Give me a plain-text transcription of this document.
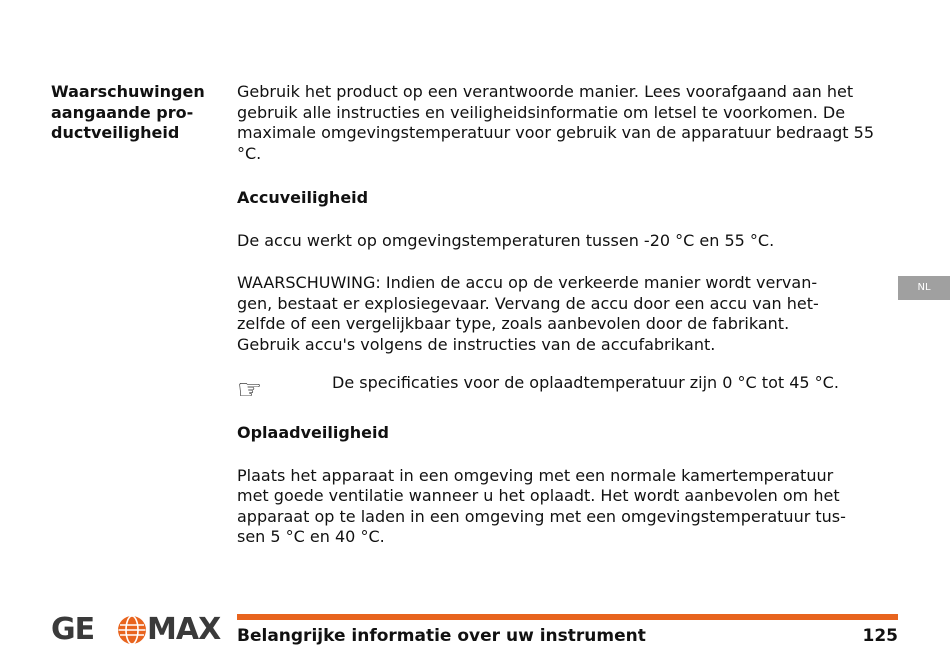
Waarschuwingen
aangaande pro-
ductveiligheid

Gebruik het product op een verantwoorde manier. Lees voorafgaand aan het gebruik alle instructies en veiligheidsinformatie om letsel te voorkomen. De maximale omgevingstemperatuur voor gebruik van de apparatuur bedraagt 55 °C.

Accuveiligheid

De accu werkt op omgevingstemperaturen tussen -20 °C en 55 °C.

WAARSCHUWING: Indien de accu op de verkeerde manier wordt vervan-
gen, bestaat er explosiegevaar. Vervang de accu door een accu van het-
zelfde of een vergelijkbaar type, zoals aanbevolen door de fabrikant.
Gebruik accu's volgens de instructies van de accufabrikant.

☞	De specificaties voor de oplaadtemperatuur zijn 0 °C tot 45 °C.
Oplaadveiligheid

Plaats het apparaat in een omgeving met een normale kamertemperatuur
met goede ventilatie wanneer u het oplaadt. Het wordt aanbevolen om het
apparaat op te laden in een omgeving met een omgevingstemperatuur tus-
sen 5 °C en 40 °C.

NL
GE MAX Belangrijke informatie over uw instrument	125
